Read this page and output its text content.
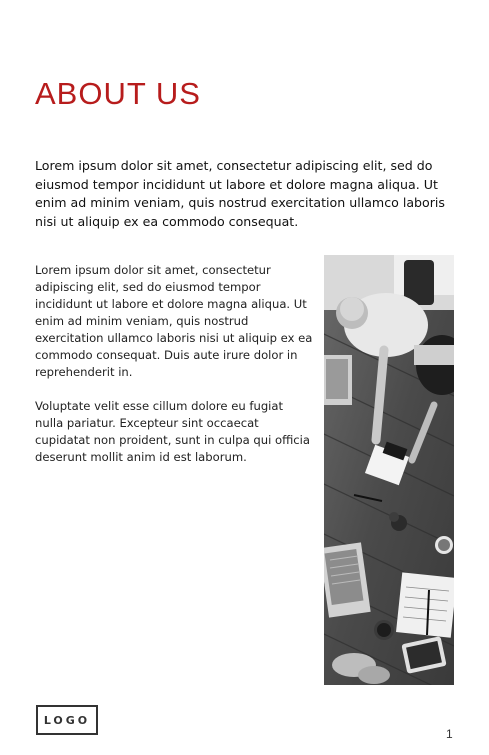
ABOUT US

Lorem ipsum dolor sit amet, consectetur adipiscing elit, sed do eiusmod tempor incididunt ut labore et dolore magna aliqua. Ut enim ad minim veniam, quis nostrud exercitation ullamco laboris nisi ut aliquip ex ea commodo consequat.

Lorem ipsum dolor sit amet, consectetur adipiscing elit, sed do eiusmod tempor incididunt ut labore et dolore magna aliqua. Ut enim ad minim veniam, quis nostrud exercitation ullamco laboris nisi ut aliquip ex ea commodo consequat. Duis aute irure dolor in reprehenderit in.

Voluptate velit esse cillum dolore eu fugiat nulla pariatur. Excepteur sint occaecat cupidatat non proident, sunt in culpa qui officia deserunt mollit anim id est laborum.

LOGO
1
